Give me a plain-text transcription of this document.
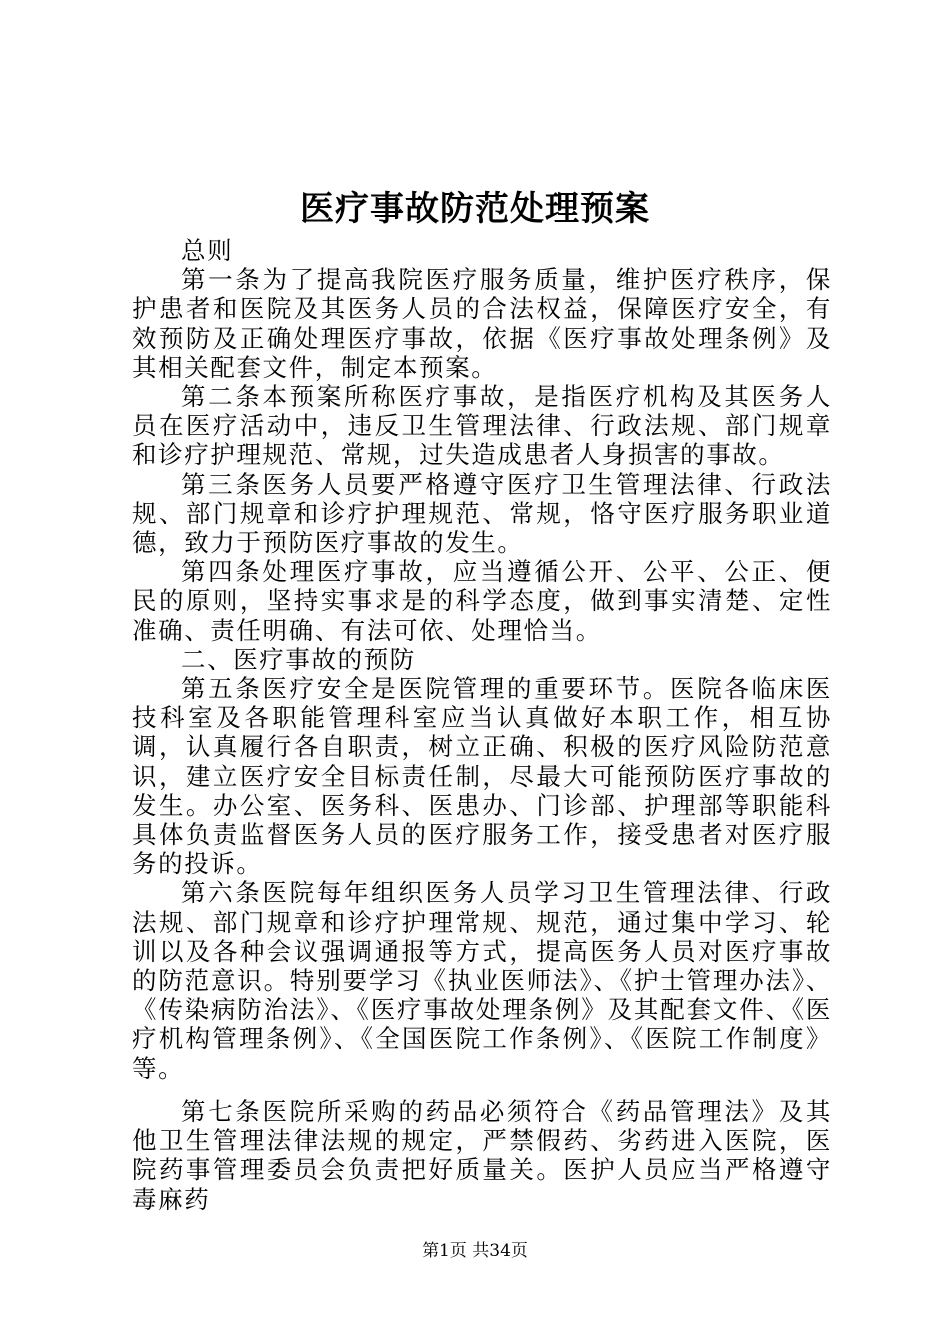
医疗事故防范处理预案

总则

第一条为了提高我院医疗服务质量，维护医疗秩序，保护患者和医院及其医务人员的合法权益，保障医疗安全，有效预防及正确处理医疗事故，依据《医疗事故处理条例》及其相关配套文件，制定本预案。

第二条本预案所称医疗事故，是指医疗机构及其医务人员在医疗活动中，违反卫生管理法律、行政法规、部门规章和诊疗护理规范、常规，过失造成患者人身损害的事故。

第三条医务人员要严格遵守医疗卫生管理法律、行政法规、部门规章和诊疗护理规范、常规，恪守医疗服务职业道德，致力于预防医疗事故的发生。

第四条处理医疗事故，应当遵循公开、公平、公正、便民的原则，坚持实事求是的科学态度，做到事实清楚、定性准确、责任明确、有法可依、处理恰当。

二、医疗事故的预防

第五条医疗安全是医院管理的重要环节。医院各临床医技科室及各职能管理科室应当认真做好本职工作，相互协调，认真履行各自职责，树立正确、积极的医疗风险防范意识，建立医疗安全目标责任制，尽最大可能预防医疗事故的发生。办公室、医务科、医患办、门诊部、护理部等职能科具体负责监督医务人员的医疗服务工作，接受患者对医疗服务的投诉。

第六条医院每年组织医务人员学习卫生管理法律、行政法规、部门规章和诊疗护理常规、规范，通过集中学习、轮训以及各种会议强调通报等方式，提高医务人员对医疗事故的防范意识。特别要学习《执业医师法》、《护士管理办法》、《传染病防治法》、《医疗事故处理条例》及其配套文件、《医疗机构管理条例》、《全国医院工作条例》、《医院工作制度》等。

第七条医院所采购的药品必须符合《药品管理法》及其他卫生管理法律法规的规定，严禁假药、劣药进入医院，医院药事管理委员会负责把好质量关。医护人员应当严格遵守毒麻药

第1页 共34页
